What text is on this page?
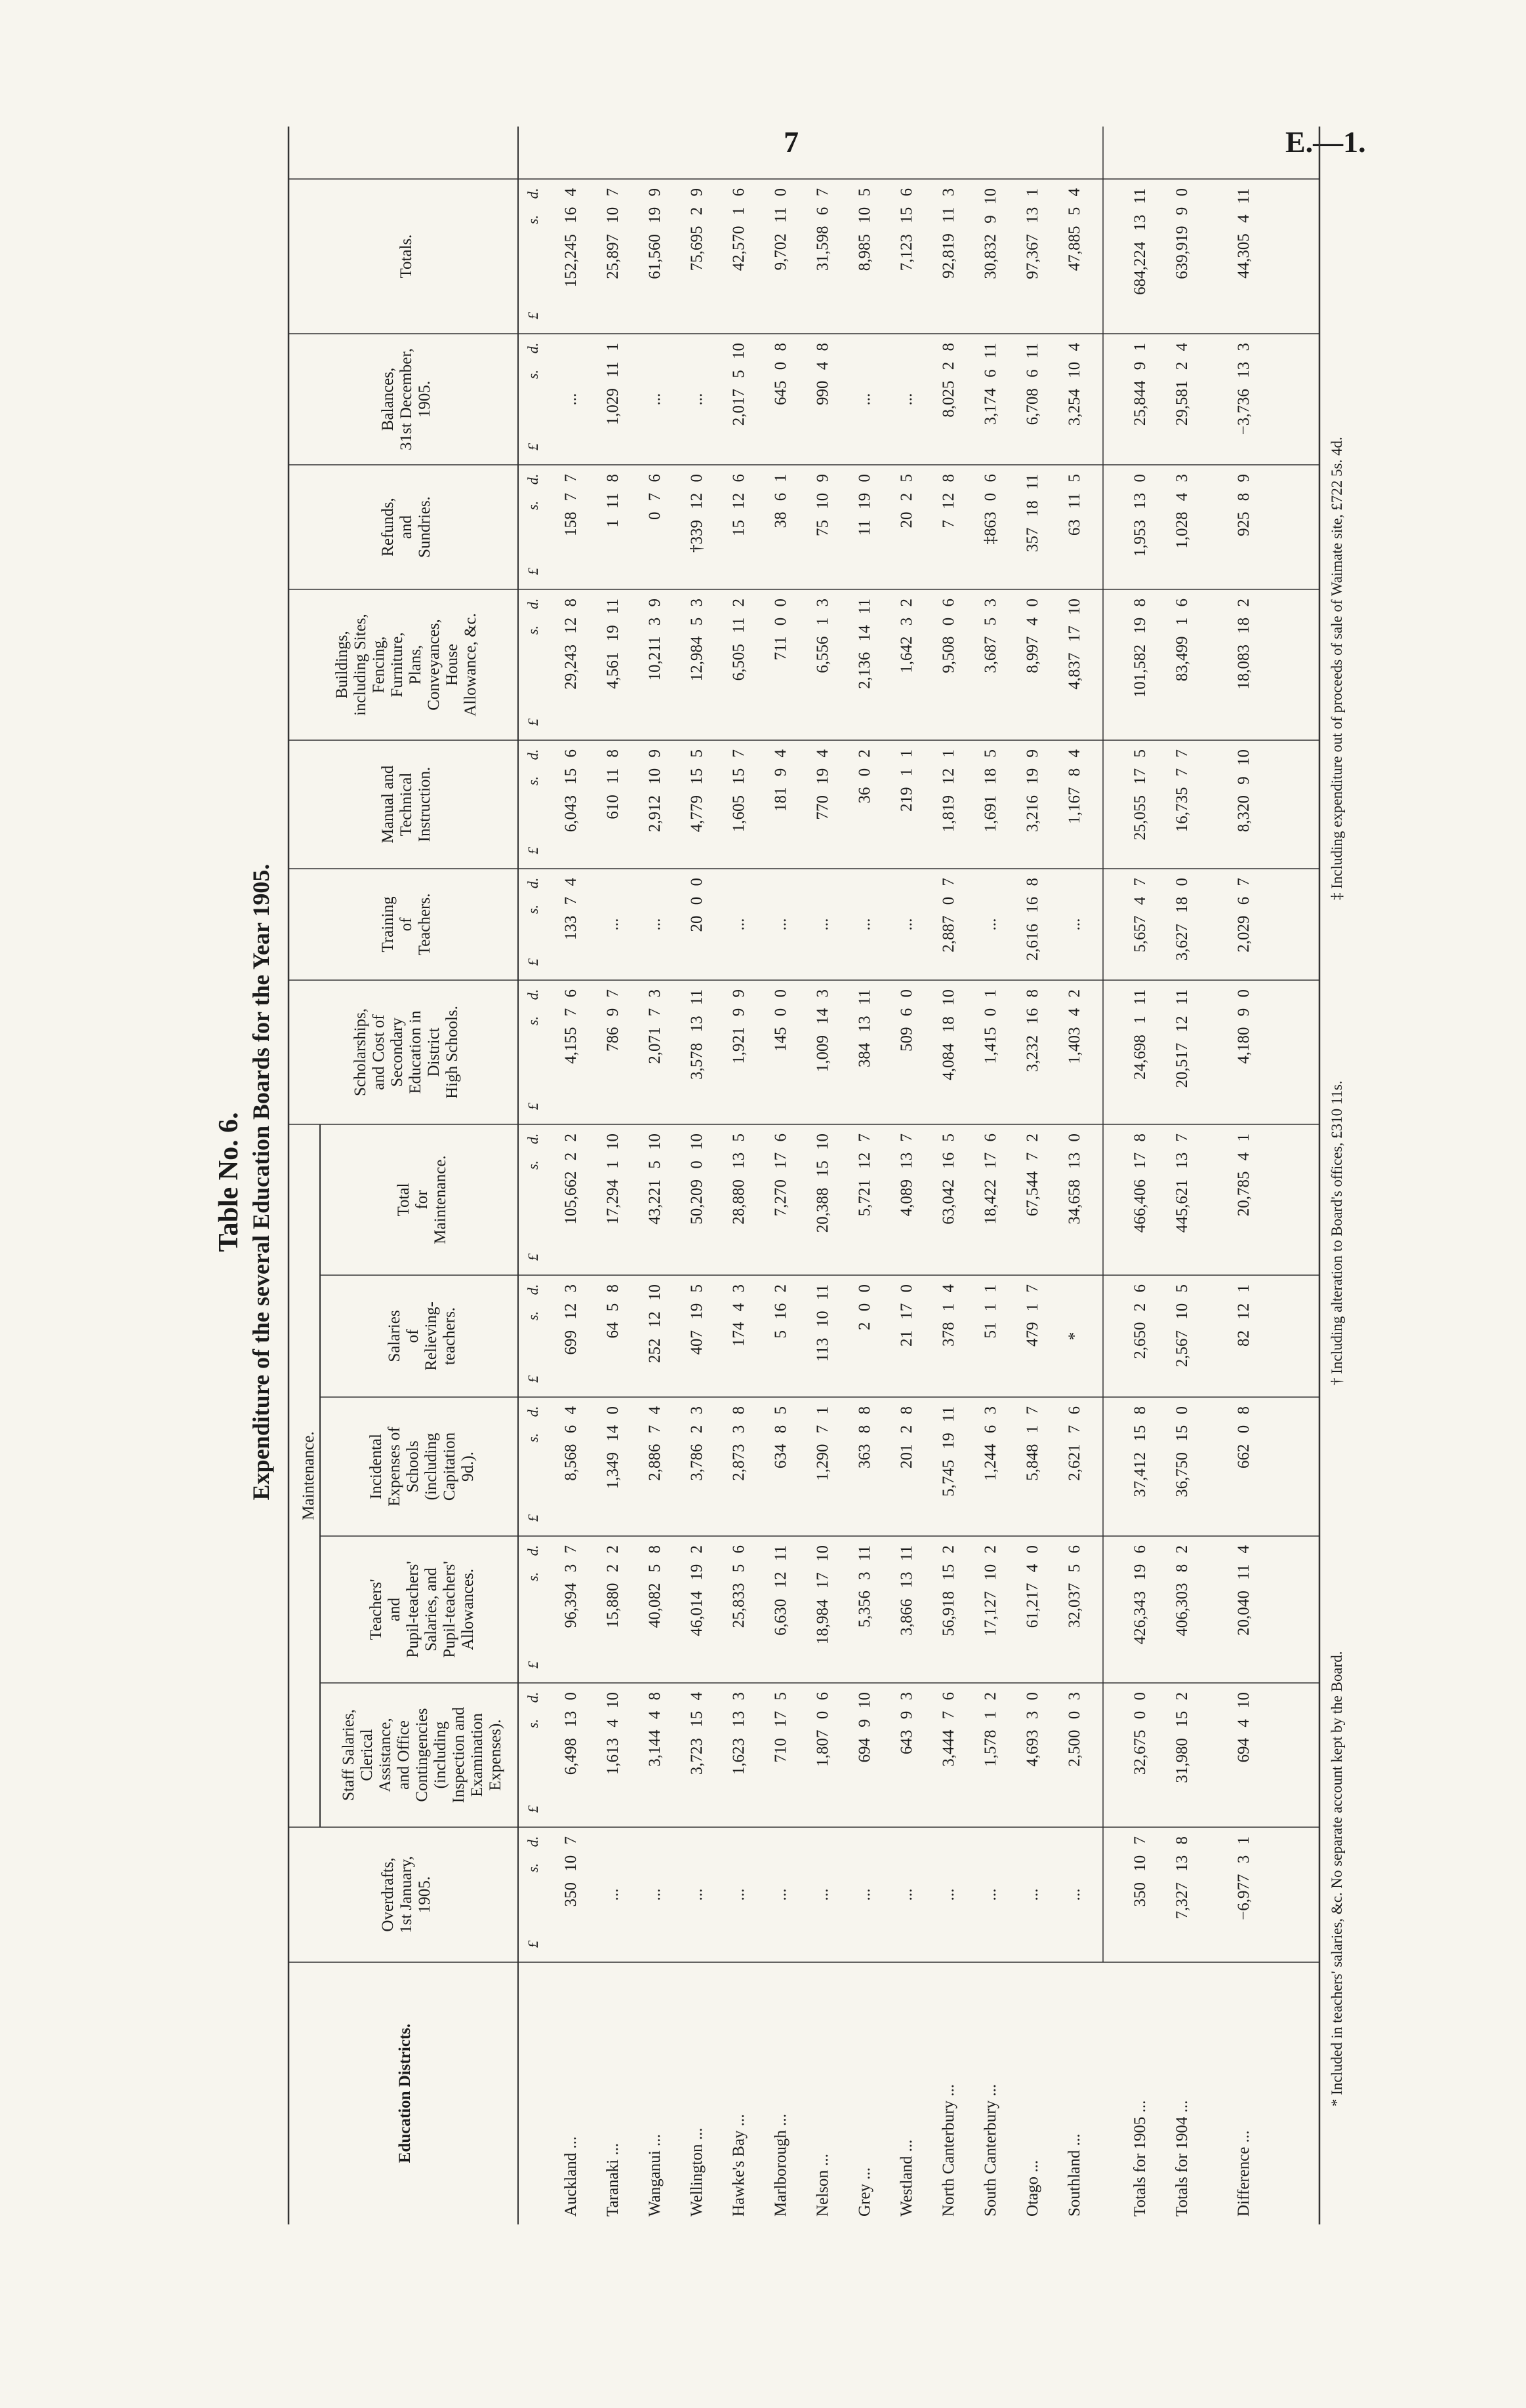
7	E.—1.
Table No. 6. Expenditure of the several Education Boards for the Year 1905. Maintenance.
Education Districts.
Overdrafts, 1st January, 1905.
£
s.
d.
Staff Salaries, Clerical Assistance, and Office Contingencies (including Inspection and Examination Expenses).
£
s.
d.
Teachers' and Pupil-teachers' Salaries, and Pupil-teachers' Allowances.
£
s.
d.
Incidental Expenses of Schools (including Capitation 9d.).
£
s.
d.
Salaries of Relieving- teachers.
£
s.
d.
Total for Maintenance.
£
s.
d.
Scholarships, and Cost of Secondary Education in District High Schools.
£
s.
d.
Training of Teachers.
£
s.
d.
Manual and Technical Instruction.
£
s.
d.
Buildings, including Sites, Fencing, Furniture, Plans, Conveyances, House Allowance, &c.
£
s.
d.
Refunds, and Sundries.
£
s.
d.
Balances, 31st December, 1905.
£
s.
d.
Totals.
£
s.
d.
Auckland ...
350 10 7
6,498 13 0
96,394 3 7
8,568 6 4
699 12 3
105,662 2 2
4,155 7 6
133 7 4
6,043 15 6
29,243 12 8
158 7 7
...
152,245 16 4
Taranaki ...
...
1,613 4 10
15,880 2 2
1,349 14 0
64 5 8
17,294 1 10
786 9 7
...
610 11 8
4,561 19 11
1 11 8
1,029 11 1
25,897 10 7
Wanganui ...
...
3,144 4 8
40,082 5 8
2,886 7 4
252 12 10
43,221 5 10
2,071 7 3
...
2,912 10 9
10,211 3 9
0 7 6
...
61,560 19 9
Wellington ...
...
3,723 15 4
46,014 19 2
3,786 2 3
407 19 5
50,209 0 10
3,578 13 11
20 0 0
4,779 15 5
12,984 5 3
†339 12 0
...
75,695 2 9
Hawke's Bay ...
...
1,623 13 3
25,833 5 6
2,873 3 8
174 4 3
28,880 13 5
1,921 9 9
...
1,605 15 7
6,505 11 2
15 12 6
2,017 5 10
42,570 1 6
Marlborough ...
...
710 17 5
6,630 12 11
634 8 5
5 16 2
7,270 17 6
145 0 0
...
181 9 4
711 0 0
38 6 1
645 0 8
9,702 11 0
Nelson ...
...
1,807 0 6
18,984 17 10
1,290 7 1
113 10 11
20,388 15 10
1,009 14 3
...
770 19 4
6,556 1 3
75 10 9
990 4 8
31,598 6 7
Grey ...
...
694 9 10
5,356 3 11
363 8 8
2 0 0
5,721 12 7
384 13 11
...
36 0 2
2,136 14 11
11 19 0
...
8,985 10 5
Westland ...
...
643 9 3
3,866 13 11
201 2 8
21 17 0
4,089 13 7
509 6 0
...
219 1 1
1,642 3 2
20 2 5
...
7,123 15 6
North Canterbury ...
...
3,444 7 6
56,918 15 2
5,745 19 11
378 1 4
63,042 16 5
4,084 18 10
2,887 0 7
1,819 12 1
9,508 0 6
7 12 8
8,025 2 8
92,819 11 3
South Canterbury ...
...
1,578 1 2
17,127 10 2
1,244 6 3
51 1 1
18,422 17 6
1,415 0 1
...
1,691 18 5
3,687 5 3
‡863 0 6
3,174 6 11
30,832 9 10
Otago ...
...
4,693 3 0
61,217 4 0
5,848 1 7
479 1 7
67,544 7 2
3,232 16 8
2,616 16 8
3,216 19 9
8,997 4 0
357 18 11
6,708 6 11
97,367 13 1
Southland ...
...
2,500 0 3
32,037 5 6
2,621 7 6
*
34,658 13 0
1,403 4 2
...
1,167 8 4
4,837 17 10
63 11 5
3,254 10 4
47,885 5 4
Totals for 1905 ...
350 10 7
32,675 0 0
426,343 19 6
37,412 15 8
2,650 2 6
466,406 17 8
24,698 1 11
5,657 4 7
25,055 17 5
101,582 19 8
1,953 13 0
25,844 9 1
684,224 13 11
Totals for 1904 ...
7,327 13 8
31,980 15 2
406,303 8 2
36,750 15 0
2,567 10 5
445,621 13 7
20,517 12 11
3,627 18 0
16,735 7 7
83,499 1 6
1,028 4 3
29,581 2 4
639,919 9 0
Difference ...
−6,977 3 1
694 4 10
20,040 11 4
662 0 8
82 12 1
20,785 4 1
4,180 9 0
2,029 6 7
8,320 9 10
18,083 18 2
925 8 9
−3,736 13 3
44,305 4 11
* Included in teachers' salaries, &c. No separate account kept by the Board.
† Including alteration to Board's offices, £310 11s.
‡ Including expenditure out of proceeds of sale of Waimate site, £722 5s. 4d.
